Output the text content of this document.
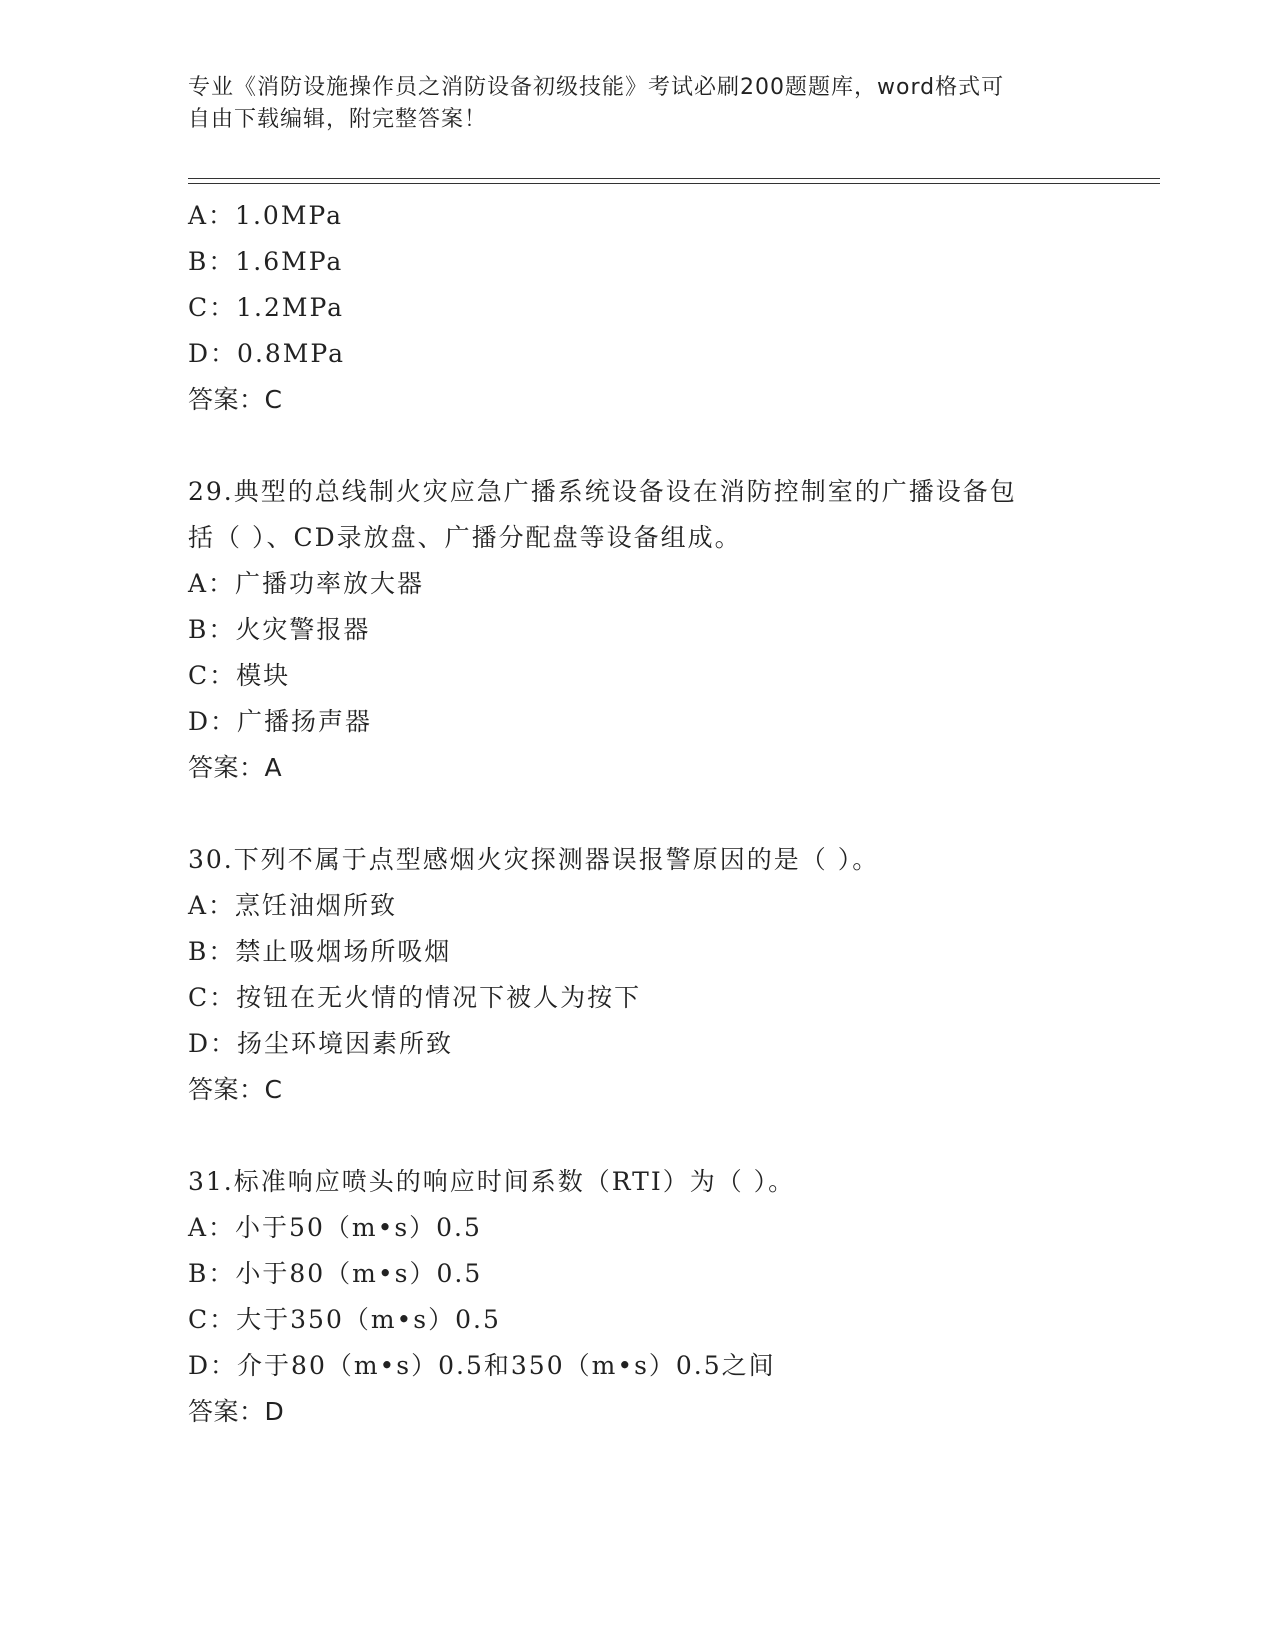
专业《消防设施操作员之消防设备初级技能》考试必刷200题题库，word格式可
自由下载编辑，附完整答案！
A：1.0MPa
B：1.6MPa
C：1.2MPa
D：0.8MPa
答案：C
29.典型的总线制火灾应急广播系统设备设在消防控制室的广播设备包
括（ ）、CD录放盘、广播分配盘等设备组成。
A：广播功率放大器
B：火灾警报器
C：模块
D：广播扬声器
答案：A
30.下列不属于点型感烟火灾探测器误报警原因的是（ ）。
A：烹饪油烟所致
B：禁止吸烟场所吸烟
C：按钮在无火情的情况下被人为按下
D：扬尘环境因素所致
答案：C
31.标准响应喷头的响应时间系数（RTI）为（ ）。
A：小于50（m•s）0.5
B：小于80（m•s）0.5
C：大于350（m•s）0.5
D：介于80（m•s）0.5和350（m•s）0.5之间
答案：D
